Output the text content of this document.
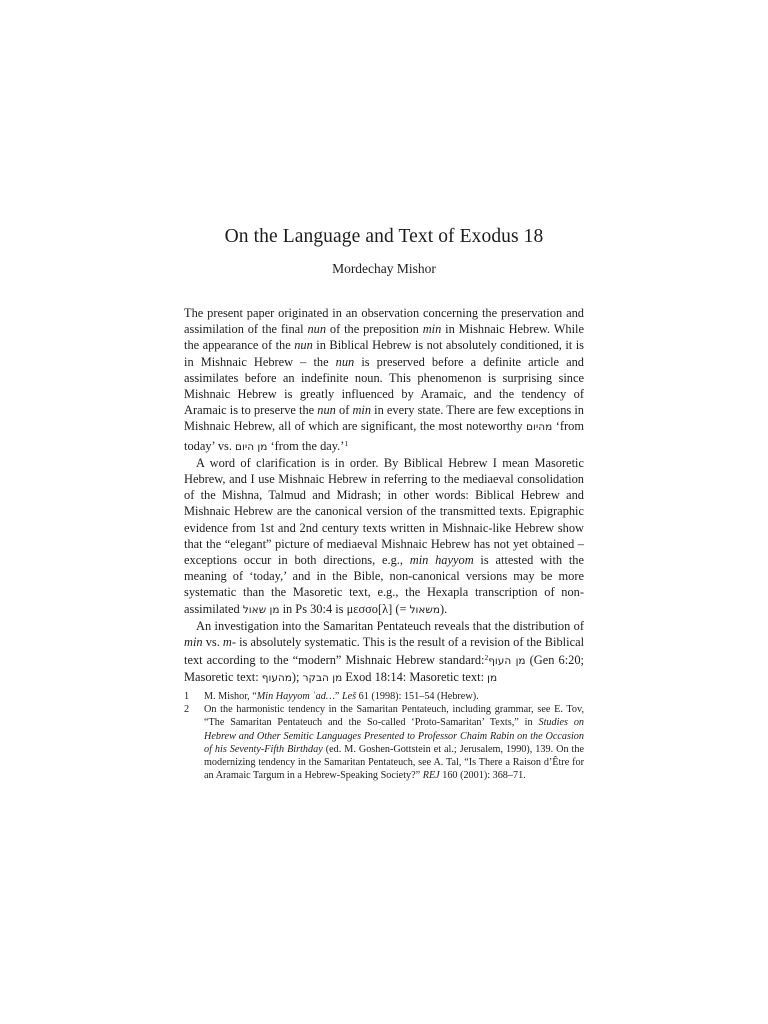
On the Language and Text of Exodus 18
Mordechay Mishor

The present paper originated in an observation concerning the preservation and assimilation of the final nun of the preposition min in Mishnaic Hebrew. While the appearance of the nun in Biblical Hebrew is not absolutely conditioned, it is in Mishnaic Hebrew – the nun is preserved before a definite article and assimilates before an indefinite noun. This phenomenon is surprising since Mishnaic Hebrew is greatly influenced by Aramaic, and the tendency of Aramaic is to preserve the nun of min in every state. There are few exceptions in Mishnaic Hebrew, all of which are significant, the most noteworthy מהיום ‘from today’ vs. מן היום ‘from the day.’$^1$

A word of clarification is in order. By Biblical Hebrew I mean Masoretic Hebrew, and I use Mishnaic Hebrew in referring to the mediaeval consolidation of the Mishna, Talmud and Midrash; in other words: Biblical Hebrew and Mishnaic Hebrew are the canonical version of the transmitted texts. Epigraphic evidence from 1st and 2nd century texts written in Mishnaic-like Hebrew show that the “elegant” picture of mediaeval Mishnaic Hebrew has not yet obtained – exceptions occur in both directions, e.g., min hayyom is attested with the meaning of ‘today,’ and in the Bible, non-canonical versions may be more systematic than the Masoretic text, e.g., the Hexapla transcription of non-assimilated מן שאול in Ps 30:4 is μεσσο[λ] (= משאול).

An investigation into the Samaritan Pentateuch reveals that the distribution of min vs. m- is absolutely systematic. This is the result of a revision of the Biblical text according to the “modern” Mishnaic Hebrew standard:$^2$מן העוף (Gen 6:20; Masoretic text: מהעוף); מן הבקר Exod 18:14: Masoretic text: מן

1 M. Mishor, “Min Hayyom ʿad…” Leš 61 (1998): 151–54 (Hebrew).
2 On the harmonistic tendency in the Samaritan Pentateuch, including grammar, see E. Tov, “The Samaritan Pentateuch and the So-called ‘Proto-Samaritan’ Texts,” in Studies on Hebrew and Other Semitic Languages Presented to Professor Chaim Rabin on the Occasion of his Seventy-Fifth Birthday (ed. M. Goshen-Gottstein et al.; Jerusalem, 1990), 139. On the modernizing tendency in the Samaritan Pentateuch, see A. Tal, “Is There a Raison d’Être for an Aramaic Targum in a Hebrew-Speaking Society?” REJ 160 (2001): 368–71.
